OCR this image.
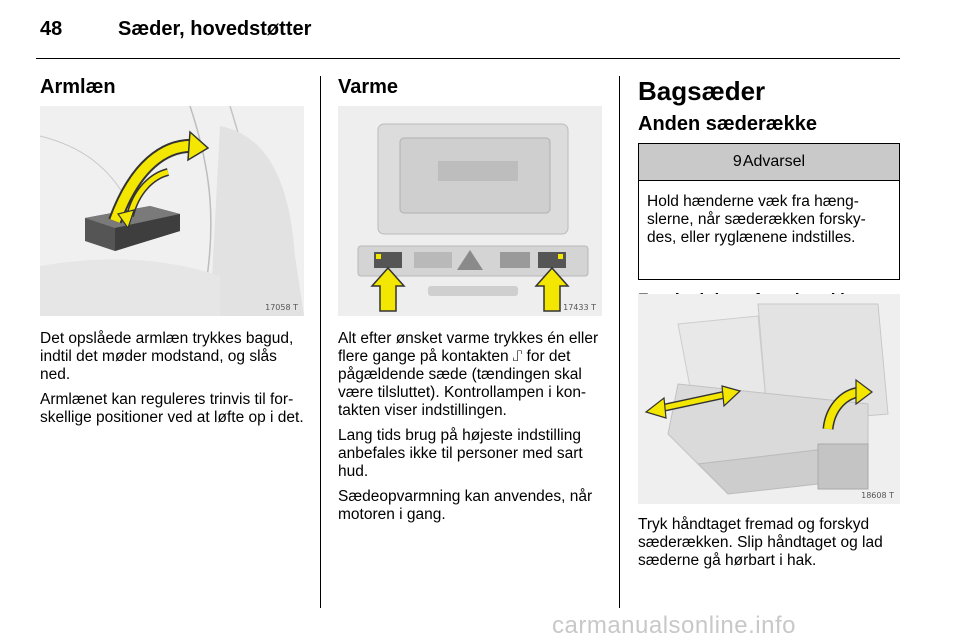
48	Sæder, hovedstøtter
Armlæn
17058 T

Det opslåede armlæn trykkes bagud, indtil det møder modstand, og slås ned.

Armlænet kan reguleres trinvis til for-skellige positioner ved at løfte op i det.

Varme
17433 T

Alt efter ønsket varme trykkes én eller flere gange på kontakten ⑀ for det pågældende sæde (tændingen skal være tilsluttet). Kontrollampen i kon-takten viser indstillingen.

Lang tids brug på højeste indstilling anbefales ikke til personer med sart hud.

Sædeopvarmning kan anvendes, når motoren i gang.

Bagsæder
Anden sæderække
9 Advarsel
Hold hænderne væk fra hæng-slerne, når sæderækken forsky-des, eller ryglænene indstilles.
18608 T
Tryk håndtaget fremad og forskyd sæderækken. Slip håndtaget og lad sæderne gå hørbart i hak.
carmanualsonline.info
